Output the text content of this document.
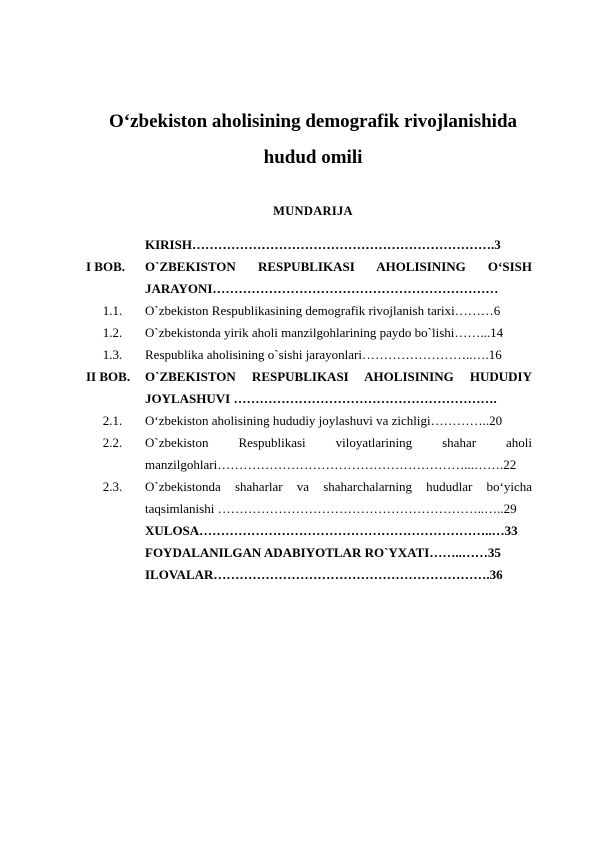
O‘zbekiston aholisining demografik rivojlanishida
hudud omili
MUNDARIJA
KIRISH…………………………………………………………….3
I BOB.	O`ZBEKISTON RESPUBLIKASI AHOLISINING O‘SISH
JARAYONI…………………………………………………………
1.1.	O`zbekiston Respublikasining demografik rivojlanish tarixi………6
1.2.	O`zbekistonda yirik aholi manzilgohlarining paydo bo`lishi……...14
1.3.	Respublika aholisining o`sishi jarayonlari……………………..….16
II BOB.	O`ZBEKISTON RESPUBLIKASI AHOLISINING HUDUDIY
JOYLASHUVI …………………………………………………….
2.1.	O‘zbekiston aholisining hududiy joylashuvi va zichligi…………..20
2.2.	O`zbekiston Respublikasi viloyatlarining shahar aholi
manzilgohlari…………………………………………………...…….22
2.3.	O`zbekistonda shaharlar va shaharchalarning hududlar bo‘yicha
taqsimlanishi ……………………………………………………..…..29
XULOSA…………………………………………………………..…33
FOYDALANILGAN ADABIYOTLAR RO`YXATI……..……35
ILOVALAR……………………………………………………….36
